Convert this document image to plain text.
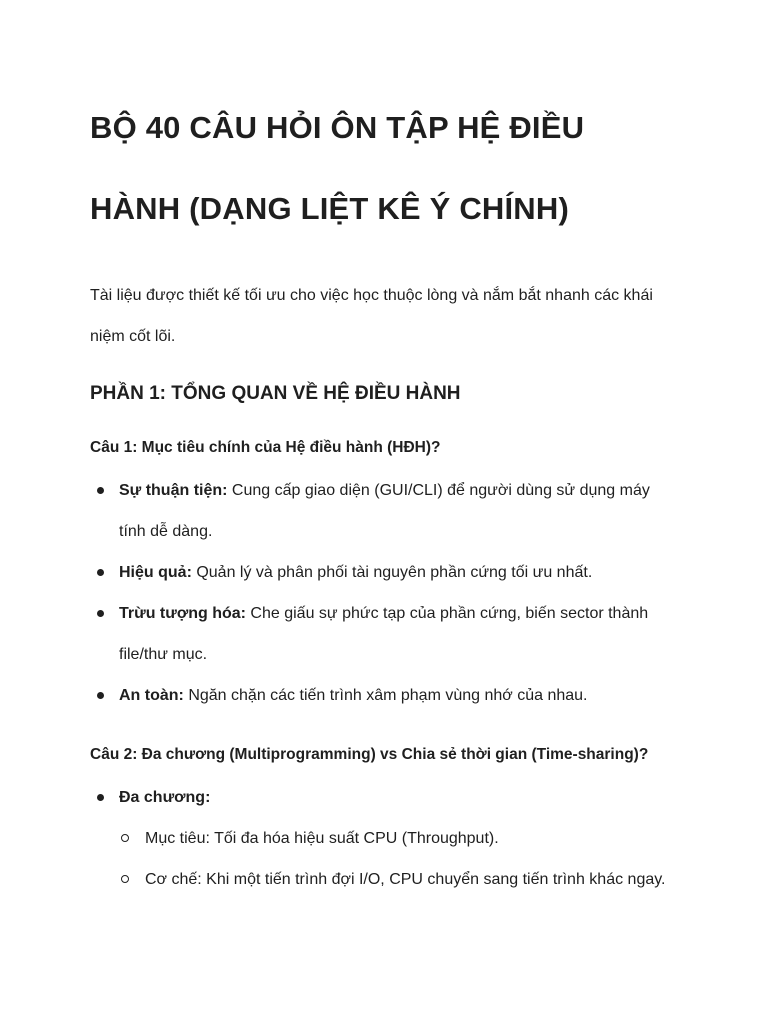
BỘ 40 CÂU HỎI ÔN TẬP HỆ ĐIỀU HÀNH (DẠNG LIỆT KÊ Ý CHÍNH)

Tài liệu được thiết kế tối ưu cho việc học thuộc lòng và nắm bắt nhanh các khái niệm cốt lõi.

PHẦN 1: TỔNG QUAN VỀ HỆ ĐIỀU HÀNH

Câu 1: Mục tiêu chính của Hệ điều hành (HĐH)?

Sự thuận tiện: Cung cấp giao diện (GUI/CLI) để người dùng sử dụng máy tính dễ dàng.
Hiệu quả: Quản lý và phân phối tài nguyên phần cứng tối ưu nhất.
Trừu tượng hóa: Che giấu sự phức tạp của phần cứng, biến sector thành file/thư mục.
An toàn: Ngăn chặn các tiến trình xâm phạm vùng nhớ của nhau.

Câu 2: Đa chương (Multiprogramming) vs Chia sẻ thời gian (Time-sharing)?

Đa chương:
Mục tiêu: Tối đa hóa hiệu suất CPU (Throughput).
Cơ chế: Khi một tiến trình đợi I/O, CPU chuyển sang tiến trình khác ngay.
